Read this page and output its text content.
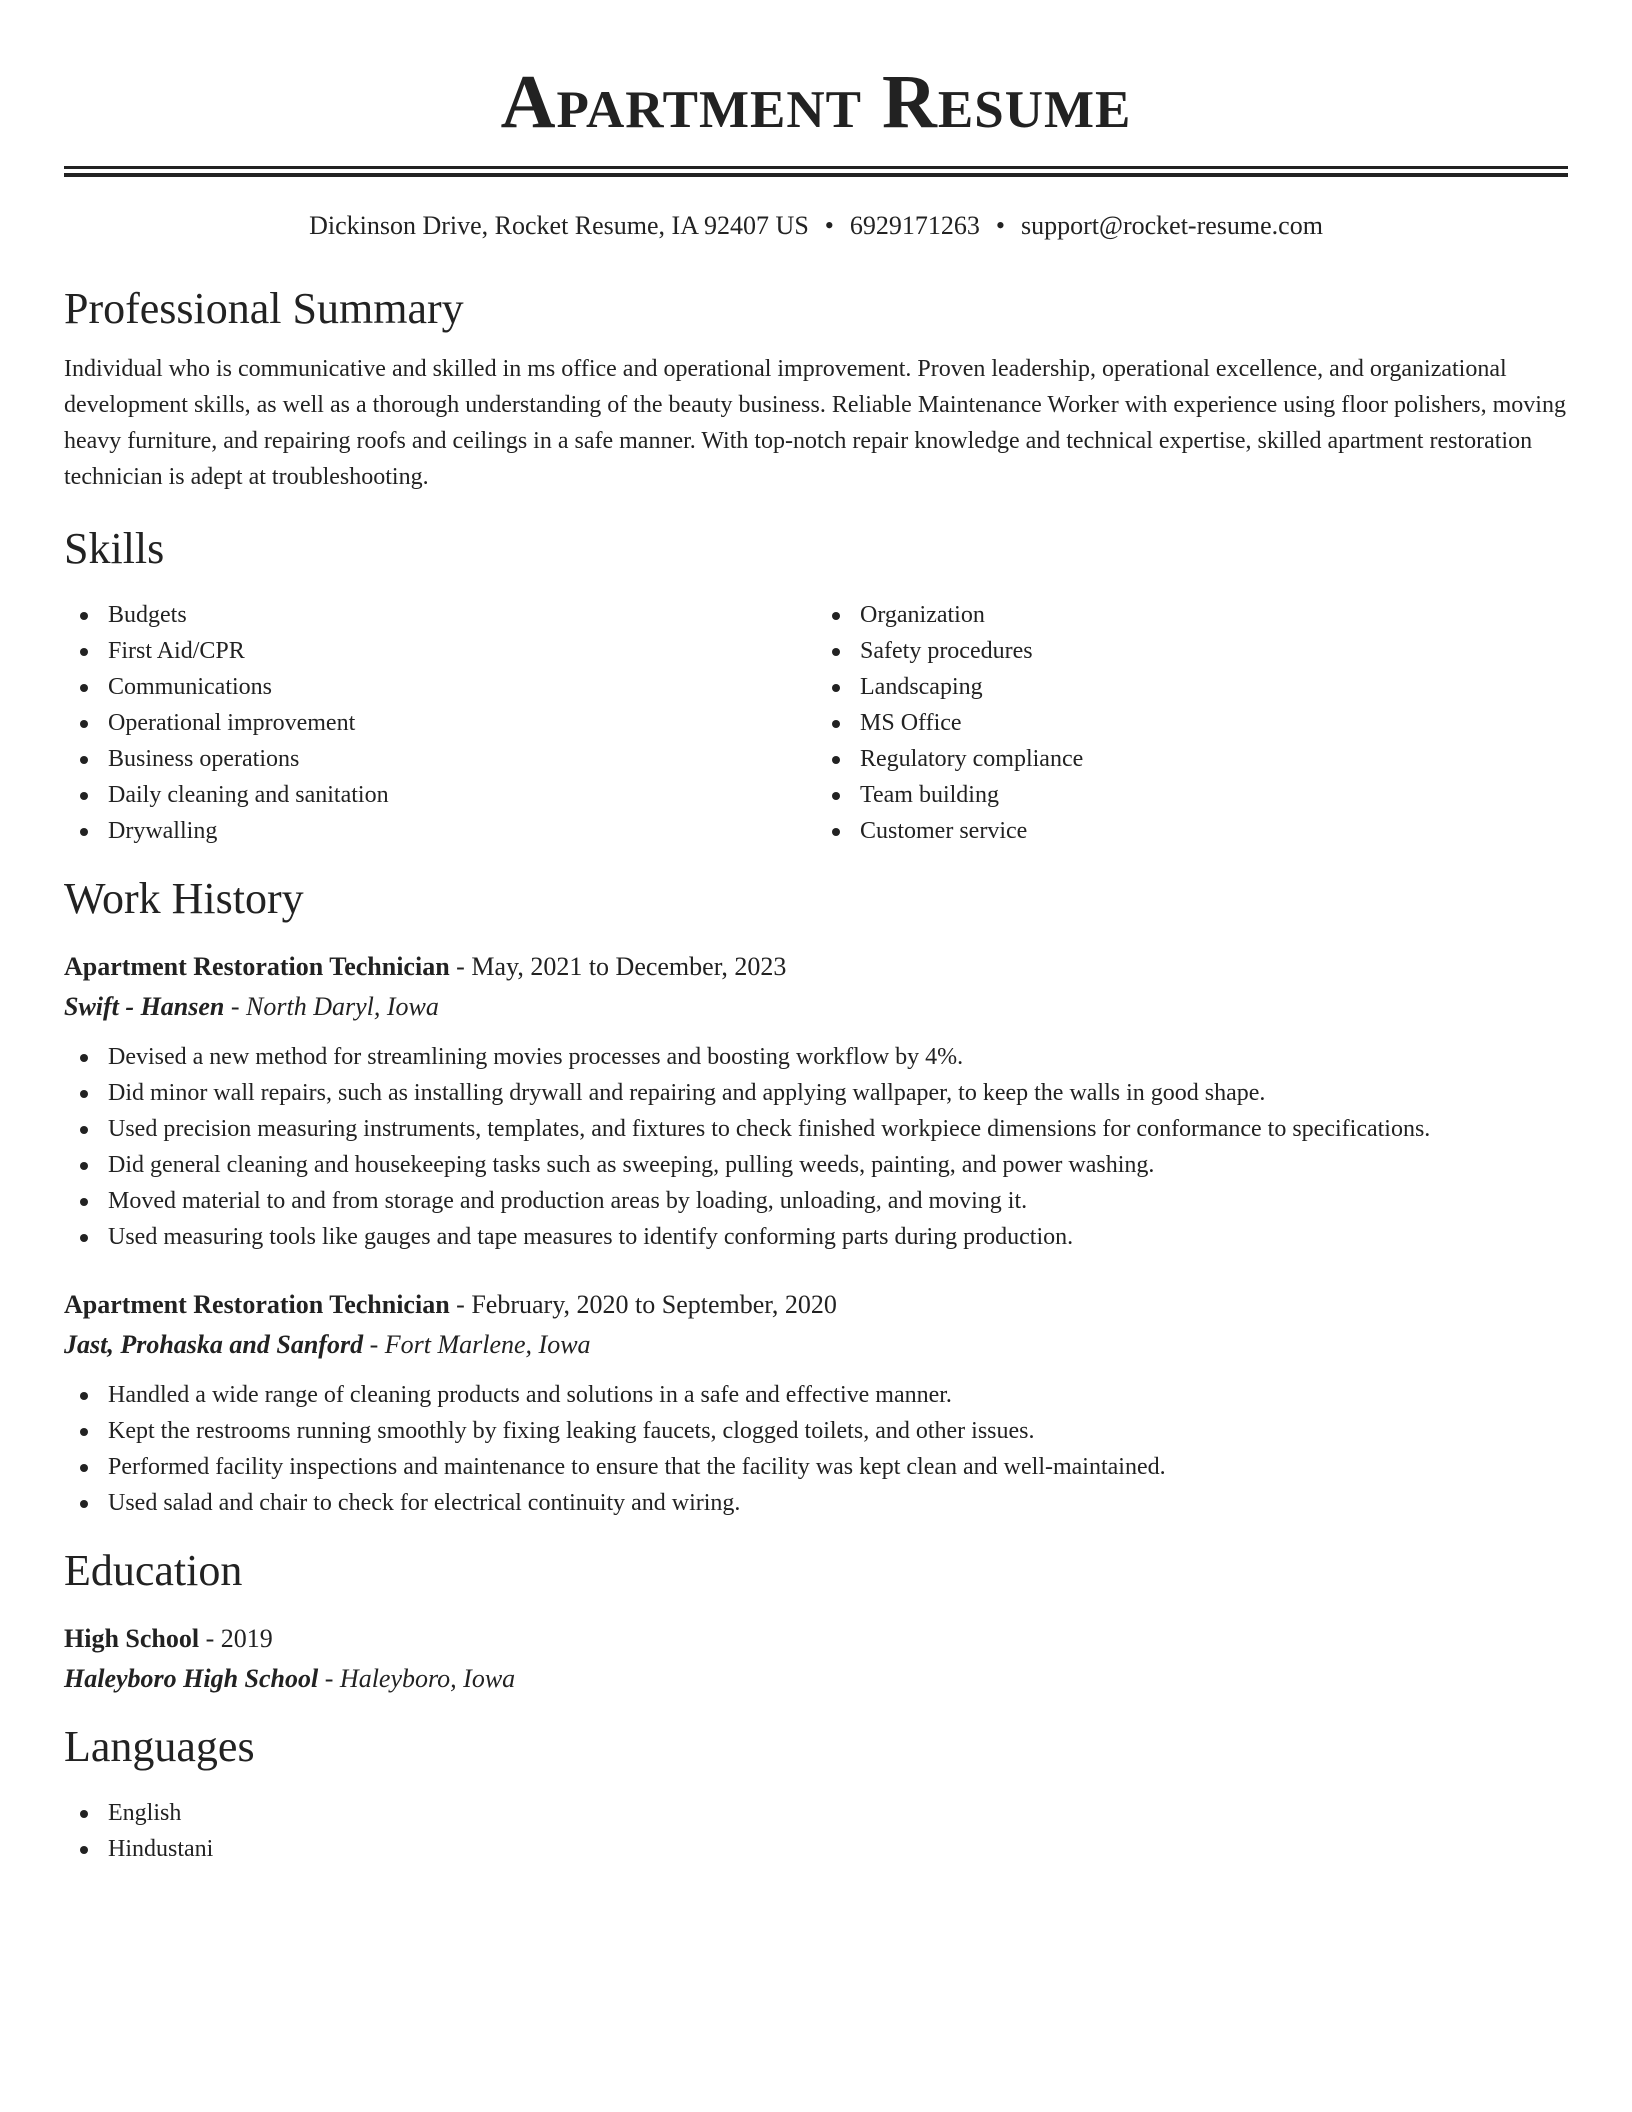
Apartment Resume
Dickinson Drive, Rocket Resume, IA 92407 US • 6929171263 • support@rocket-resume.com
Professional Summary
Individual who is communicative and skilled in ms office and operational improvement. Proven leadership, operational excellence, and organizational development skills, as well as a thorough understanding of the beauty business. Reliable Maintenance Worker with experience using floor polishers, moving heavy furniture, and repairing roofs and ceilings in a safe manner. With top-notch repair knowledge and technical expertise, skilled apartment restoration technician is adept at troubleshooting.
Skills
Budgets
First Aid/CPR
Communications
Operational improvement
Business operations
Daily cleaning and sanitation
Drywalling
Organization
Safety procedures
Landscaping
MS Office
Regulatory compliance
Team building
Customer service
Work History
Apartment Restoration Technician - May, 2021 to December, 2023
Swift - Hansen - North Daryl, Iowa
Devised a new method for streamlining movies processes and boosting workflow by 4%.
Did minor wall repairs, such as installing drywall and repairing and applying wallpaper, to keep the walls in good shape.
Used precision measuring instruments, templates, and fixtures to check finished workpiece dimensions for conformance to specifications.
Did general cleaning and housekeeping tasks such as sweeping, pulling weeds, painting, and power washing.
Moved material to and from storage and production areas by loading, unloading, and moving it.
Used measuring tools like gauges and tape measures to identify conforming parts during production.
Apartment Restoration Technician - February, 2020 to September, 2020
Jast, Prohaska and Sanford - Fort Marlene, Iowa
Handled a wide range of cleaning products and solutions in a safe and effective manner.
Kept the restrooms running smoothly by fixing leaking faucets, clogged toilets, and other issues.
Performed facility inspections and maintenance to ensure that the facility was kept clean and well-maintained.
Used salad and chair to check for electrical continuity and wiring.
Education
High School - 2019
Haleyboro High School - Haleyboro, Iowa
Languages
English
Hindustani
